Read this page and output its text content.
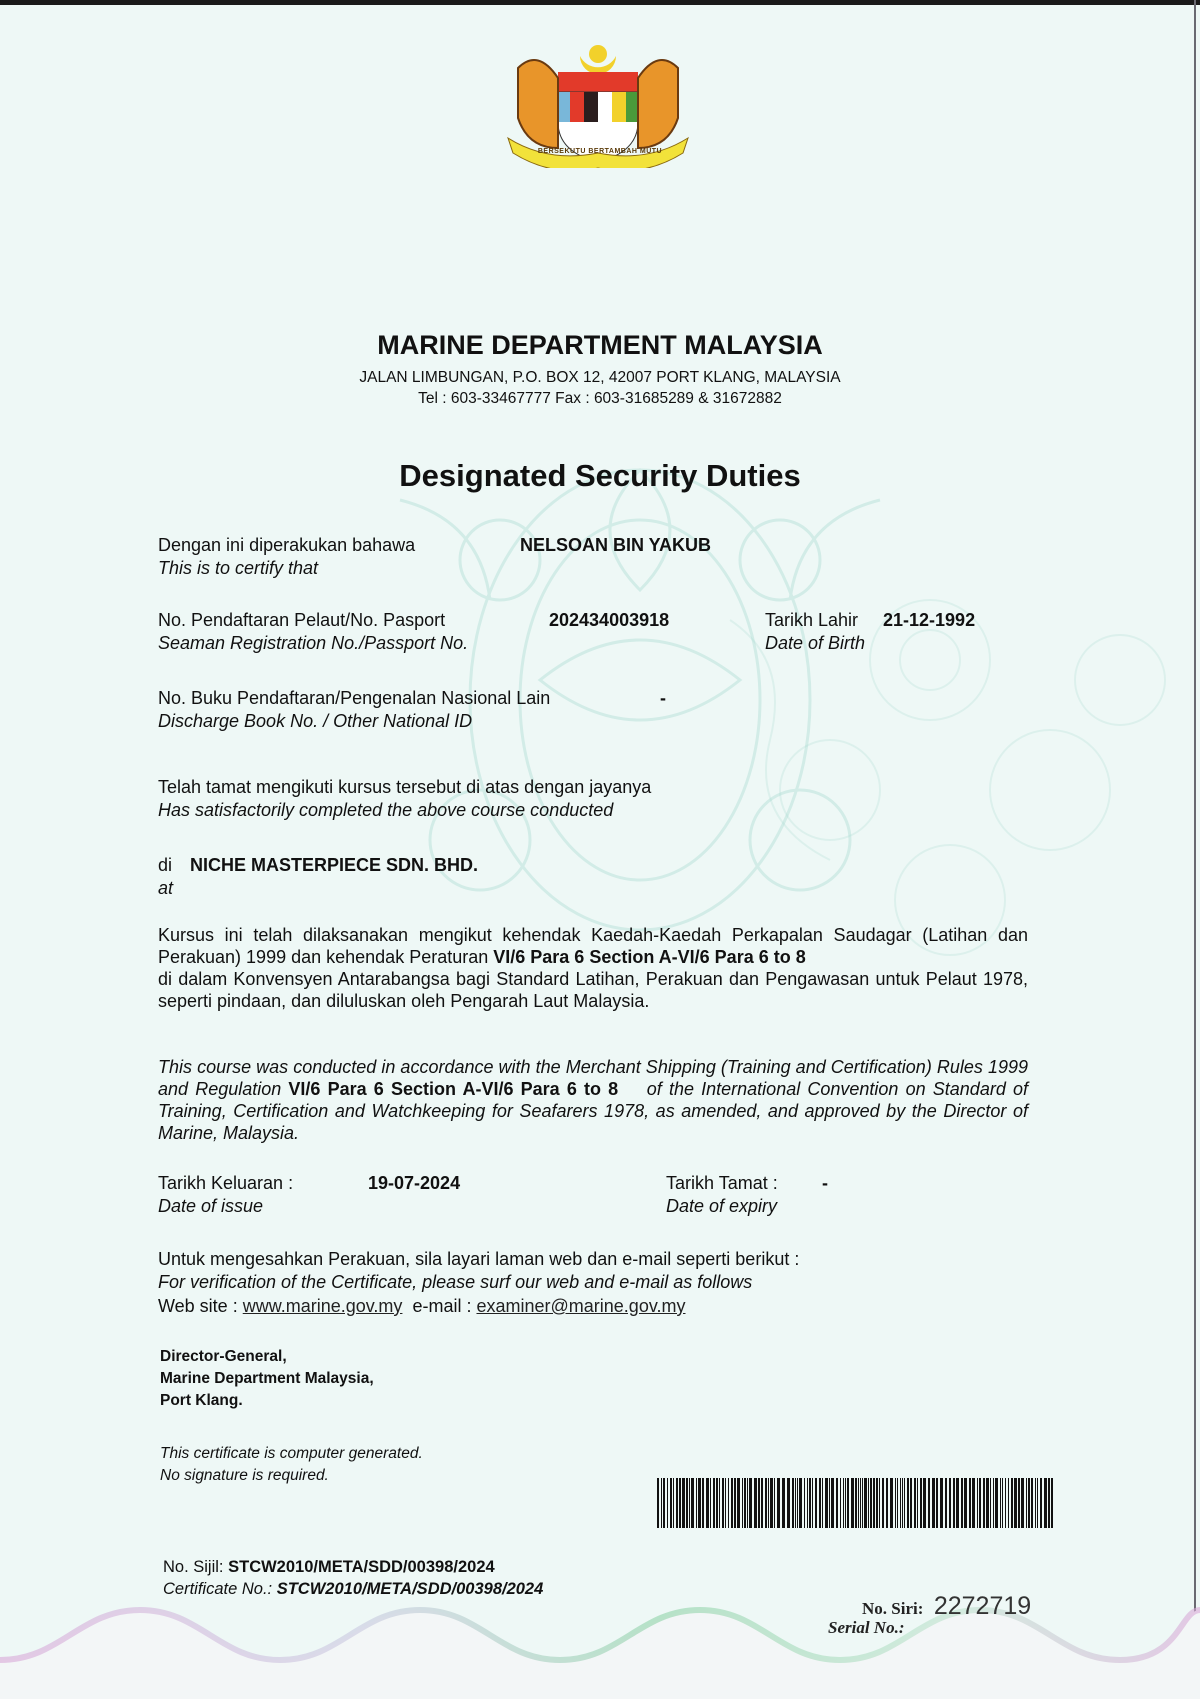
BERSEKUTU BERTAMBAH MUTU
MARINE DEPARTMENT MALAYSIA
JALAN LIMBUNGAN, P.O. BOX 12, 42007 PORT KLANG, MALAYSIA
Tel : 603-33467777 Fax : 603-31685289 & 31672882
Designated Security Duties
Dengan ini diperakukan bahawa
This is to certify that
NELSOAN BIN YAKUB
No. Pendaftaran Pelaut/No. Pasport
Seaman Registration No./Passport No.
202434003918	Tarikh Lahir
Date of Birth
21-12-1992
No. Buku Pendaftaran/Pengenalan Nasional Lain
Discharge Book No. / Other National ID
-
Telah tamat mengikuti kursus tersebut di atas dengan jayanya
Has satisfactorily completed the above course conducted
di
at
NICHE MASTERPIECE SDN. BHD.
Kursus ini telah dilaksanakan mengikut kehendak Kaedah-Kaedah Perkapalan Saudagar (Latihan dan Perakuan) 1999 dan kehendak Peraturan VI/6 Para 6 Section A-VI/6 Para 6 to 8
di dalam Konvensyen Antarabangsa bagi Standard Latihan, Perakuan dan Pengawasan untuk Pelaut 1978, seperti pindaan, dan diluluskan oleh Pengarah Laut Malaysia.
This course was conducted in accordance with the Merchant Shipping (Training and Certification) Rules 1999 and Regulation VI/6 Para 6 Section A-VI/6 Para 6 to 8    of the International Convention on Standard of Training, Certification and Watchkeeping for Seafarers 1978, as amended, and approved by the Director of Marine, Malaysia.
Tarikh Keluaran :
Date of issue
19-07-2024	Tarikh Tamat :
Date of expiry
-
Untuk mengesahkan Perakuan, sila layari laman web dan e-mail seperti berikut :
For verification of the Certificate, please surf our web and e-mail as follows
Web site : www.marine.gov.my e-mail : examiner@marine.gov.my
Director-General,
Marine Department Malaysia,
Port Klang.
This certificate is computer generated.
No signature is required.
No. Sijil: STCW2010/META/SDD/00398/2024
Certificate No.: STCW2010/META/SDD/00398/2024
No. Siri: 2272719
Serial No.:
